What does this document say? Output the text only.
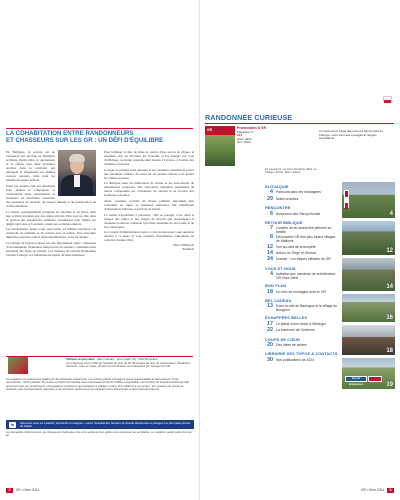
LA COHABITATION ENTRE RANDONNEURS
ET CHASSEURS SUR LES GR : UN DÉFI D'ÉQUILIBRE

En Belgique, le secteur est en expansion qui succède en multiples activités. Parmi elles, le randonneur et la chasse sont deux pratiques ancrées dans le territoire qui partagent et fréquentent les mêmes espaces naturels, mais dont les intérêts divergent parfois.

Entre les sentiers GR qui sillonnent bois, plaines et campagnes, la cohabitation entre randonneurs et chasseurs est inévitable, soulevant des questions de sécurité, de respect mutuel et de préservation de l'environnement.

La chasse, principalement pratiquée en automne et en hiver, reste une activité encadrée par des règles strictes. Elle joue un rôle dans la gestion des populations animales, notamment pour limiter les dégâts agricoles et forestiers causés par certaines espèces.

Les randonneurs, quant à eux, parcourent ces mêmes territoires à la recherche de quiétude et de contact avec la nature. Une rencontre imprévue peut être source d'incompréhension, voire de danger.

Le partage de l'espace repose sur une information claire : panneaux d'avertissement, fermetures temporaires de sentiers, communication préalable des dates de battues. Les Sentiers de Grande Randonnée veillent à relayer ces informations auprès de leurs membres.

Pour indiquer la date de mise en œuvre d'une action de chasse, le président doit en informer les riverains et les usagers par voie d'affichage, au moins quarante-huit heures à l'avance, à l'entrée des chemins concernés.

Lorsque le passage reste autorisé, il est vivement conseillé de porter des vêtements visibles, de rester sur les sentiers balisés et de garder les chiens en laisse.

Le dialogue entre les fédérations de chasse et les associations de randonneurs progresse. Des rencontres régulières permettent de mieux comprendre les contraintes de chacun et de trouver des solutions concrètes.

Ainsi, certaines sociétés de chasse publient désormais leur calendrier en ligne, et plusieurs itinéraires GR bénéficient d'alternatives balisées en période de battue.

La nature n'appartient à personne : elle se partage. C'est dans le respect des règles et des usages de chacun que randonneurs et chasseurs pourront continuer à profiter ensemble de nos forêts et de nos campagnes.

Le Conseil d'administration reste à votre écoute pour toute question relative à ce sujet, et vous souhaite d'excellentes randonnées en cette fin d'année 2024.

Marc LIEBAUX
Président
Tableau responsable : Marc Liebaux · Rue Kardin 10 · 1000 Bruxelles
Ce magazine est le reflet de l'activité de plus de 30 bénévoles au sein de l'association. Rédaction, relecture, mise en page, photos et coordination sont assurées par l'équipe du GR.
Ce magazine est entièrement réalisé par des bénévoles passionnés. Les articles publiés n'engagent que la responsabilité de leurs auteurs. Toute reproduction, même partielle, des textes et photos est interdite sans l'autorisation écrite de l'éditeur responsable. Les Sentiers de Grande Randonnée asbl remercient tous les contributeurs, photographes et baliseurs qui participent à chaque numéro. Ont collaboré à ce numéro : les membres du comité de rédaction, des correspondants régionaux et de nombreux randonneurs qui partagent leurs découvertes et leurs itinéraires favoris.
in	Retrouvez-nous sur LinkedIn, Facebook et Instagram : suivez l'actualité des Sentiers de Grande Randonnée et partagez vos plus belles photos de balade.
Les demandes d'abonnement, de changement d'adresse et de commande de topo-guides sont à adresser au secrétariat. Le magazine paraît quatre fois par an.
2 GR • Hiver 2024
RANDONNÉE CURIEUSE
GR	Promenades & GR
Magazine n°
244
Hiver 2024
Déc. 2024
Un randonneur belge découvre les Monts Tatra en Pologne, entre sommets enneigés et refuges accueillants.
En couverture : au cœur des Monts Tatra, en Pologne. Photo : Marc Liebaux
SLOVAQUIE
4 Parcours dans les montagnes
29 Notes croisées
RENCONTRE
6 Ascension des Tatra polonais
RETOUR BIBLIQUE
7 Lumière de la randonnée pèlerine en famille
8 Découverte GR des plus beaux villages de Wallonie
12 Voir au-delà de la tempête
14 Autour du Tiège et Hénaux
24 Dossier : Les étapes utilisées du GR
VOUS ET NOUS
4 Invitation aux membres de la fédération GR Hors-Série
BON PLAN
18 Un vélo de montagne avec le GR
BEL CADEAU
13 Entre la ville de Bastogne et le village de Bougeon
ÉCHAPPÉES BELLES
17 Le plaisir d'une rando à l'étranger
22 La traversée de l'Ardenne
COUPS DE CŒUR
20 Des idées de sorties
LIBRAIRIE DES TOPOS & CONTACTS
30 Nos publications de 2024
4
12
14
16
18
RUE DE BONNEVILLE	19
GR • Hiver 2024 3
